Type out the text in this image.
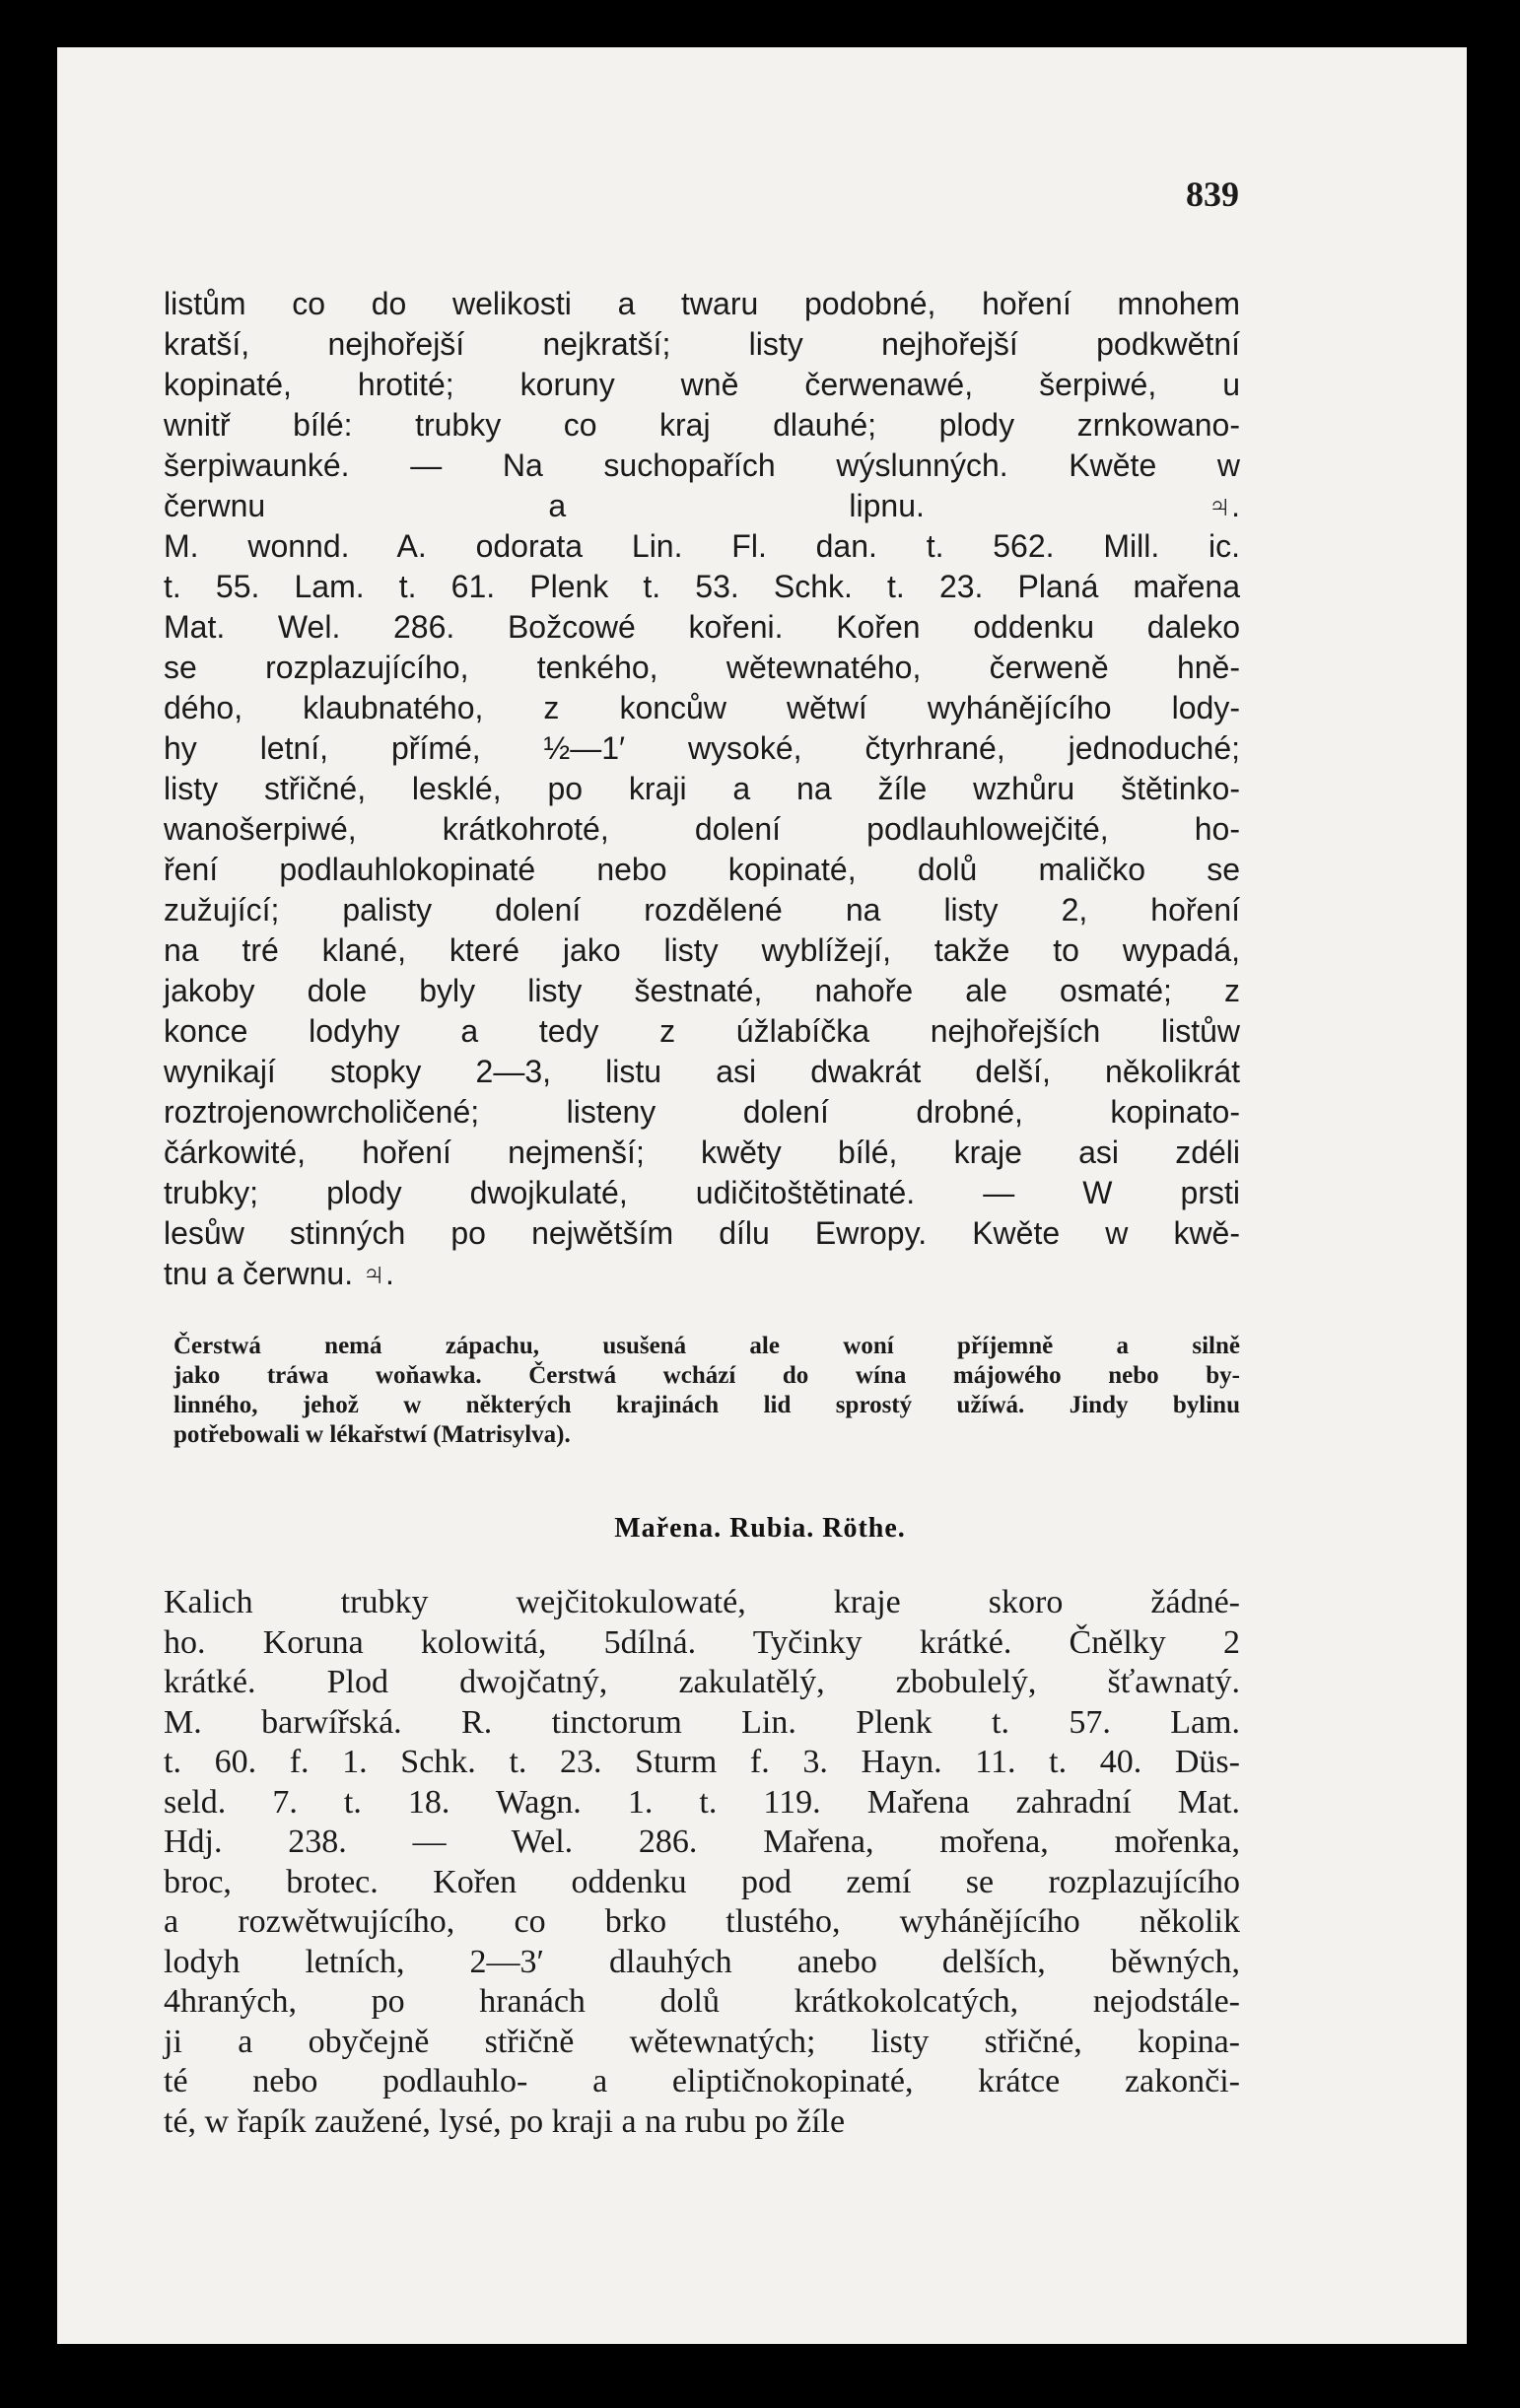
839
listům co do welikosti a twaru podobné, hoření mnohem
kratší, nejhořejší nejkratší; listy nejhořejší podkwětní
kopinaté, hrotité; koruny wně čerwenawé, šerpiwé, u
wnitř bílé: trubky co kraj dlauhé; plody zrnkowano-
šerpiwaunké. — Na suchopařích wýslunných. Kwěte w
čerwnu a lipnu. ♃.
M. wonnd. A. odorata Lin. Fl. dan. t. 562. Mill. ic.
t. 55. Lam. t. 61. Plenk t. 53. Schk. t. 23. Planá mařena
Mat. Wel. 286. Božcowé kořenі. Kořen oddenku daleko
se rozplazujícího, tenkého, wětewnatého, čerweně hně-
dého, klaubnatého, z koncůw wětwí wyháněјícího lody-
hy letní, přímé, ½—1′ wysoké, čtyrhrané, jednoduché;
listy střičné, lesklé, po kraji a na žíle wzhůru štětinko-
wanošerpiwé, krátkohroté, dolení podlauhlowejčité, ho-
ření podlauhlokopinaté nebo kopinaté, dolů maličko se
zužující; palisty dolení rozdělené na listy 2, hoření
na tré klané, které jako listy wyblížejí, takže to wypadá,
jakoby dole byly listy šestnaté, nahoře ale osmaté; z
konce lodyhy a tedy z úžlabíčka nejhořejších listůw
wynikají stopky 2—3, listu asi dwakrát delší, několikrát
roztrojenowrcholičené; listeny dolení drobné, kopinato-
čárkowité, hoření nejmenší; kwěty bílé, kraje asi zdéli
trubky; plody dwojkulaté, udičitoštětinaté. — W prsti
lesůw stinných po nejwětším dílu Ewropy. Kwěte w kwě-
tnu a čerwnu. ♃.
Čerstwá nemá zápachu, usušená ale woní příjemně a silně
jako tráwa woňawka. Čerstwá wchází do wína májowého nebo by-
linného, jehož w některých krajinách lid sprostý užíwá. Jindy bylinu
potřebowali w lékařstwí (Matrisylva).
Mařena. Rubia. Röthe.
Kalich trubky wejčitokulowaté, kraje skoro žádné-
ho. Koruna kolowitá, 5dílná. Tyčinky krátké. Čnělky 2
krátké. Plod dwojčatný, zakulatělý, zbobulelý, šťawnatý.
M. barwířská. R. tinctorum Lin. Plenk t. 57. Lam.
t. 60. f. 1. Schk. t. 23. Sturm f. 3. Hayn. 11. t. 40. Düs-
seld. 7. t. 18. Wagn. 1. t. 119. Mařena zahradní Mat.
Hdj. 238. — Wel. 286. Mařena, mořena, mořenka,
broc, brotec. Kořen oddenku pod zemí se rozplazujícího
a rozwětwujícího, co brko tlustého, wyháněјícího několik
lodyh letních, 2—3′ dlauhých anebo delších, běwných,
4hraných, po hranách dolů krátkokolcatých, nejodstále-
ji a obyčejně střičně wětewnatých; listy střičné, kopina-
té nebo podlauhlo- a eliptičnokopinaté, krátce zakonči-
té, w řapík zaužené, lysé, po kraji a na rubu po žíle
